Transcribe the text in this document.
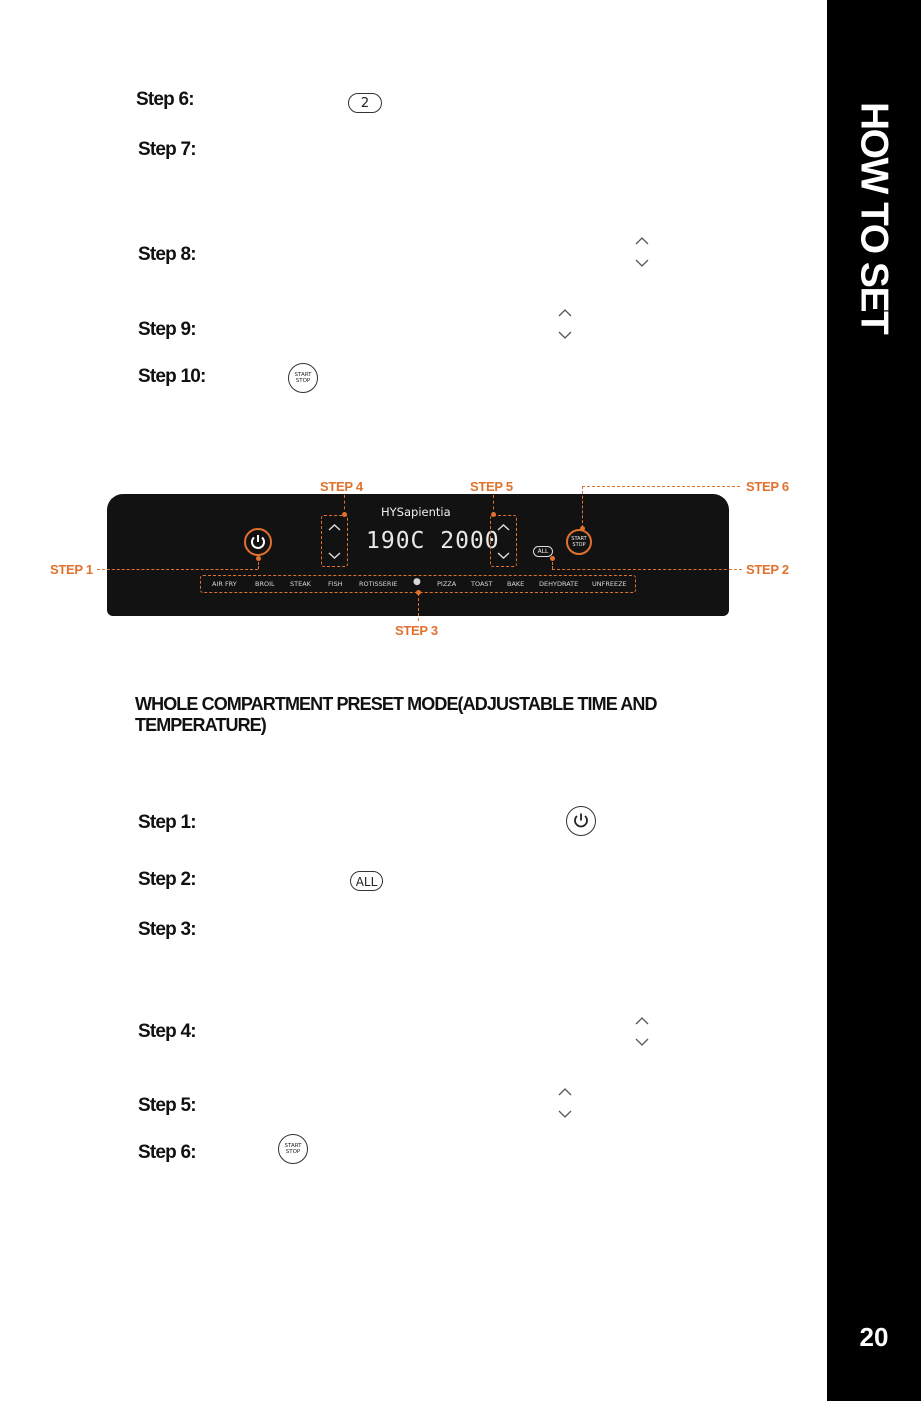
HOW TO SET
20
Step 6:	2
Step 7:
Step 8:
Step 9:
Step 10:	START
STOP
HYSapientia
190C 2000	ALL
START
STOP
AIR FRY	BROIL STEAK	FISH	ROTISSERIE ● PIZZA TOAST BAKE DEHYDRATE UNFREEZE
STEP 4	STEP 5	STEP 6
STEP 1	STEP 2
STEP 3
WHOLE COMPARTMENT PRESET MODE(ADJUSTABLE TIME AND TEMPERATURE)
Step 1:
Step 2:	ALL
Step 3:
Step 4:
Step 5:
Step 6:	START
STOP
